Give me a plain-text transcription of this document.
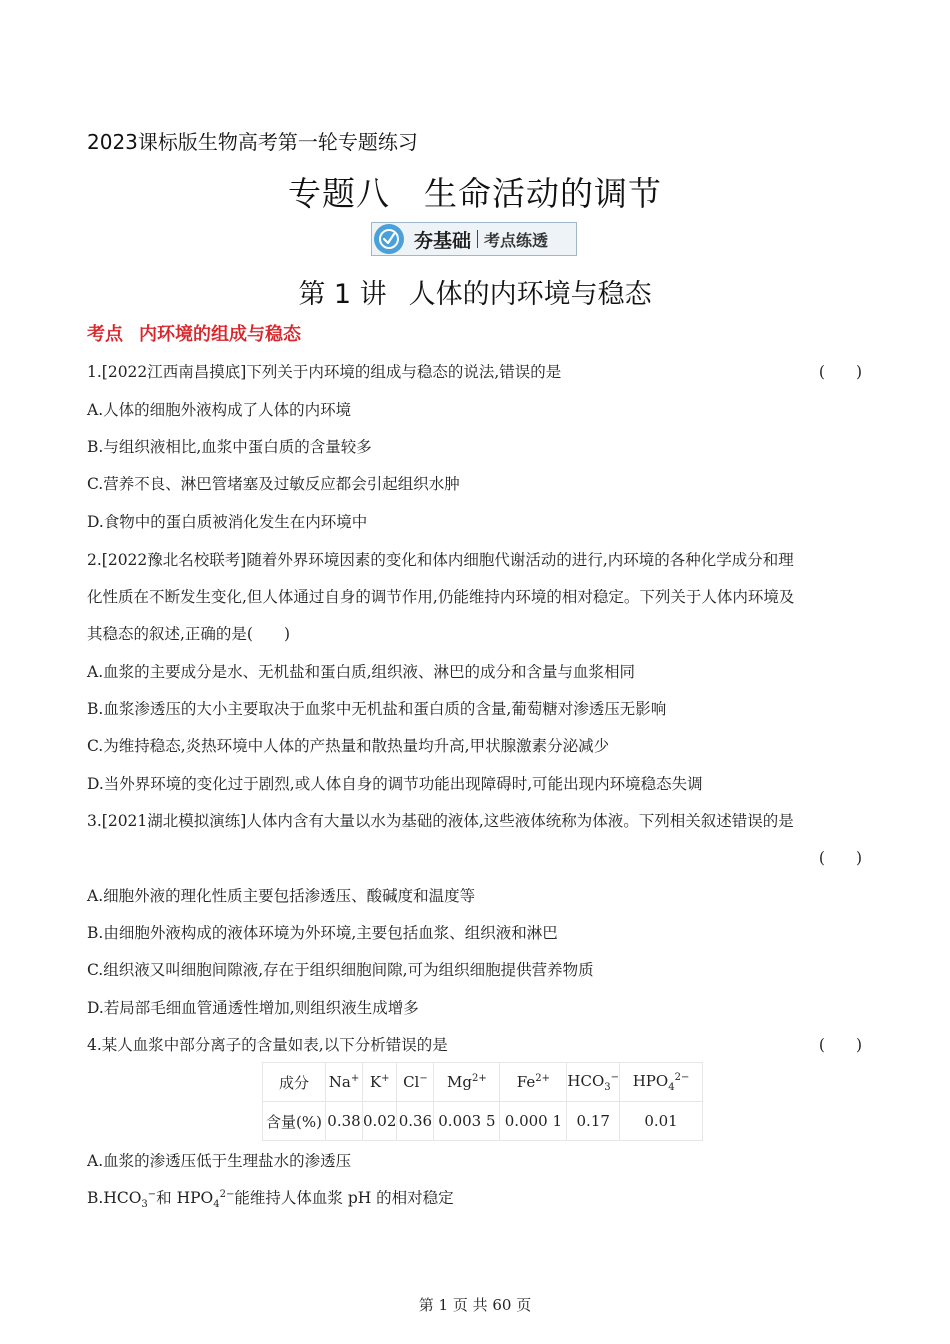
2023课标版生物高考第一轮专题练习
专题八 生命活动的调节
夯基础 考点练透
第 1 讲 人体的内环境与稳态
考点 内环境的组成与稳态
1.[2022江西南昌摸底]下列关于内环境的组成与稳态的说法,错误的是	(　　)
A.人体的细胞外液构成了人体的内环境
B.与组织液相比,血浆中蛋白质的含量较多
C.营养不良、淋巴管堵塞及过敏反应都会引起组织水肿
D.食物中的蛋白质被消化发生在内环境中
2.[2022豫北名校联考]随着外界环境因素的变化和体内细胞代谢活动的进行,内环境的各种化学成分和理
化性质在不断发生变化,但人体通过自身的调节作用,仍能维持内环境的相对稳定。下列关于人体内环境及
其稳态的叙述,正确的是(　　)
A.血浆的主要成分是水、无机盐和蛋白质,组织液、淋巴的成分和含量与血浆相同
B.血浆渗透压的大小主要取决于血浆中无机盐和蛋白质的含量,葡萄糖对渗透压无影响
C.为维持稳态,炎热环境中人体的产热量和散热量均升高,甲状腺激素分泌减少
D.当外界环境的变化过于剧烈,或人体自身的调节功能出现障碍时,可能出现内环境稳态失调
3.[2021湖北模拟演练]人体内含有大量以水为基础的液体,这些液体统称为体液。下列相关叙述错误的是
(　　)
A.细胞外液的理化性质主要包括渗透压、酸碱度和温度等
B.由细胞外液构成的液体环境为外环境,主要包括血浆、组织液和淋巴
C.组织液又叫细胞间隙液,存在于组织细胞间隙,可为组织细胞提供营养物质
D.若局部毛细血管通透性增加,则组织液生成增多
4.某人血浆中部分离子的含量如表,以下分析错误的是	(　　)
成分	Na+	K+	Cl−	$Mg^{2+}$	$Fe^{2+}$	$HCO_3^-$	$HPO_4^{2-}$
含量(%)	0.38	0.02	0.36	0.003 5	0.000 1	0.17	0.01
A.血浆的渗透压低于生理盐水的渗透压
$B.HCO_3^-$和 $HPO_4^{2-}$能维持人体血浆 pH 的相对稳定
第 1 页 共 60 页
